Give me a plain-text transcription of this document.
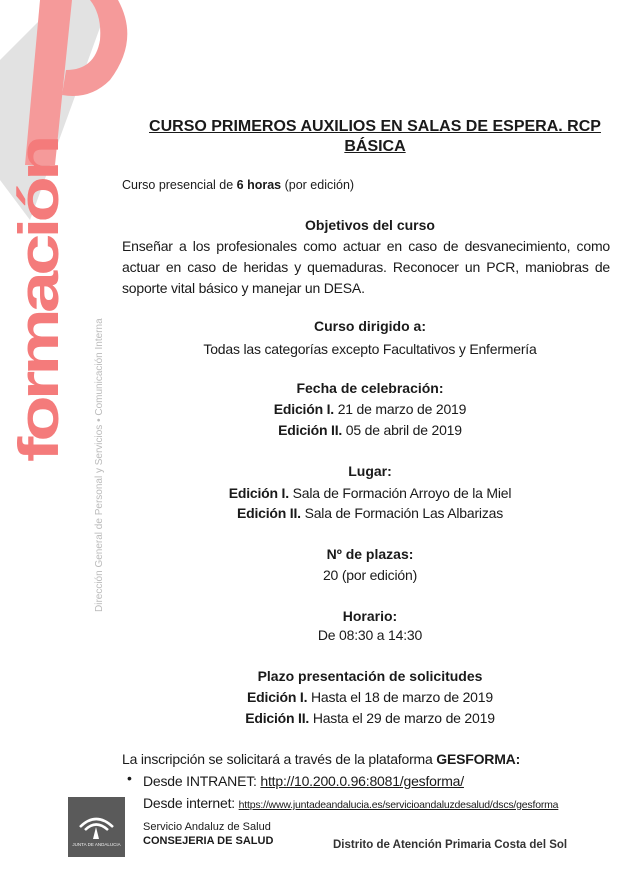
formación
Dirección General de Personal y Servicios • Comunicación Interna
CURSO PRIMEROS AUXILIOS EN SALAS DE ESPERA. RCP
BÁSICA
Curso presencial de 6 horas (por edición)
Objetivos del curso
Enseñar a los profesionales como actuar en caso de desvanecimiento, como actuar en caso de heridas y quemaduras. Reconocer un PCR, maniobras de soporte vital básico y manejar un DESA.
Curso dirigido a:
Todas las categorías excepto Facultativos y Enfermería
Fecha de celebración:
Edición I. 21 de marzo de 2019
Edición II. 05 de abril de 2019
Lugar:
Edición I. Sala de Formación Arroyo de la Miel
Edición II. Sala de Formación Las Albarizas
Nº de plazas:
20 (por edición)
Horario:
De 08:30 a 14:30
Plazo presentación de solicitudes
Edición I. Hasta el 18 de marzo de 2019
Edición II. Hasta el 29 de marzo de 2019
La inscripción se solicitará a través de la plataforma GESFORMA:
• Desde INTRANET: http://10.200.0.96:8081/gesforma/
Desde internet: https://www.juntadeandalucia.es/servicioandaluzdesalud/dscs/gesforma
JUNTA DE ANDALUCIA
Servicio Andaluz de Salud
CONSEJERIA DE SALUD	Distrito de Atención Primaria Costa del Sol
